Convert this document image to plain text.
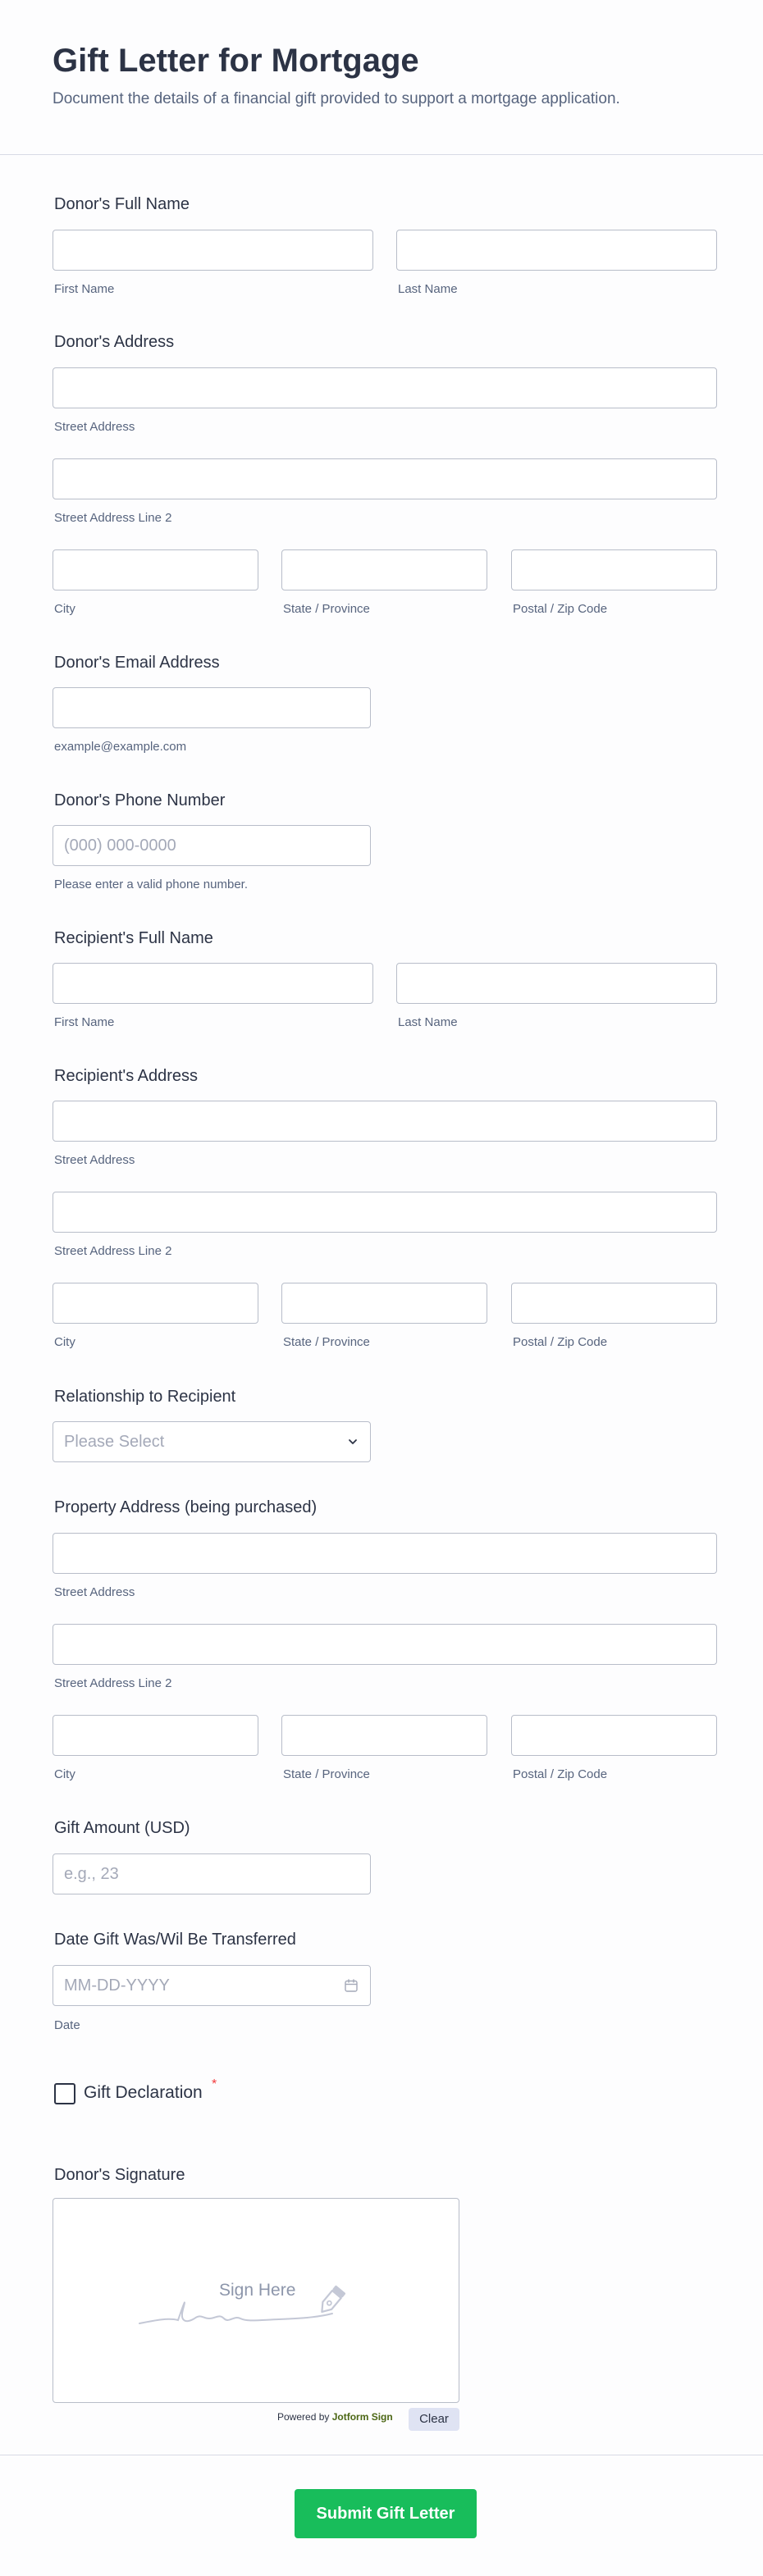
Gift Letter for Mortgage
Document the details of a financial gift provided to support a mortgage application.
Donor's Full Name
First Name	Last Name
Donor's Address
Street Address
Street Address Line 2
City	State / Province	Postal / Zip Code
Donor's Email Address
example@example.com
Donor's Phone Number
(000) 000-0000
Please enter a valid phone number.
Recipient's Full Name
First Name	Last Name
Recipient's Address
Street Address
Street Address Line 2
City	State / Province	Postal / Zip Code
Relationship to Recipient
Please Select
Property Address (being purchased)
Street Address
Street Address Line 2
City	State / Province	Postal / Zip Code
Gift Amount (USD)
e.g., 23
Date Gift Was/Wil Be Transferred
MM-DD-YYYY
Date
Gift Declaration *
Donor's Signature
Sign Here
Powered by Jotform Sign	Clear
Submit Gift Letter
